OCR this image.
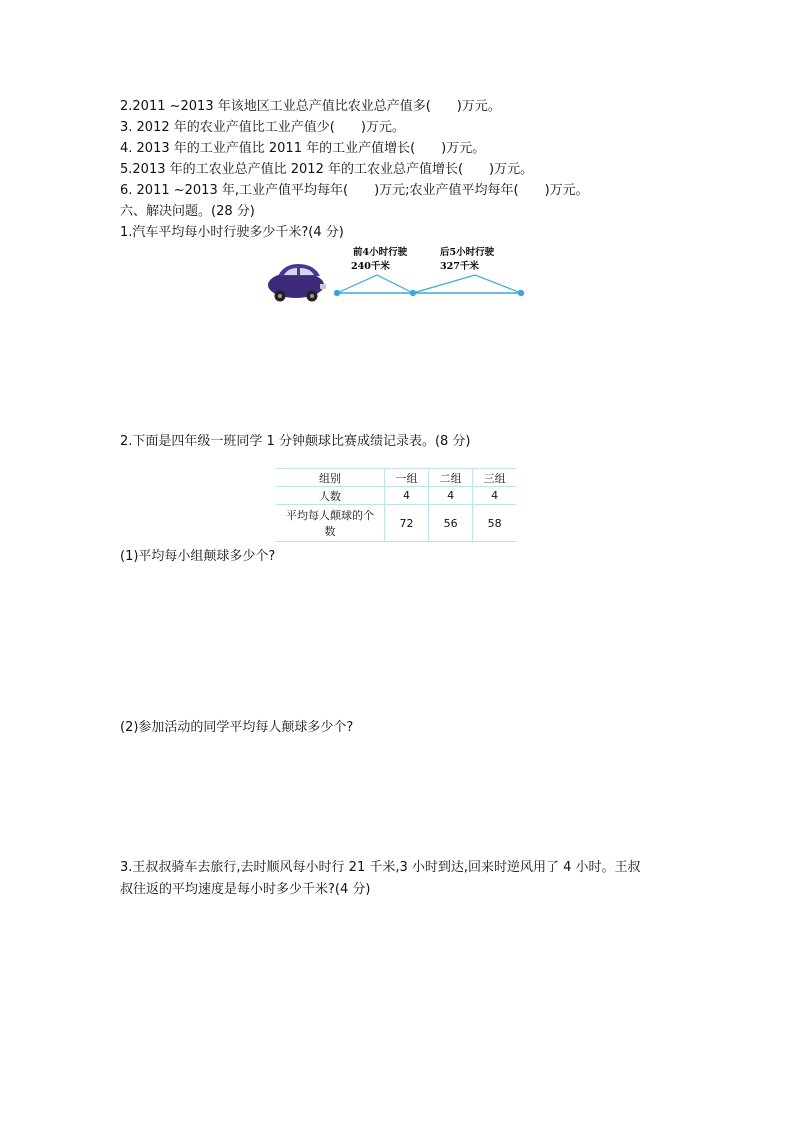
2.2011 ~2013 年该地区工业总产值比农业总产值多(　　)万元。
3. 2012 年的农业产值比工业产值少(　　)万元。
4. 2013 年的工业产值比 2011 年的工业产值增长(　　)万元。
5.2013 年的工农业总产值比 2012 年的工农业总产值增长(　　)万元。
6. 2011 ~2013 年,工业产值平均每年(　　)万元;农业产值平均每年(　　)万元。
六、解决问题。(28 分)
1.汽车平均每小时行驶多少千米?(4 分)
前4小时行驶
240千米
后5小时行驶
327千米
2.下面是四年级一班同学 1 分钟颠球比赛成绩记录表。(8 分)
组别	一组	二组	三组
人数	4	4	4

平均每人颠球的个
数	72	56	58
(1)平均每小组颠球多少个?
(2)参加活动的同学平均每人颠球多少个?
3.王叔叔骑车去旅行,去时顺风每小时行 21 千米,3 小时到达,回来时逆风用了 4 小时。王叔
叔往返的平均速度是每小时多少千米?(4 分)
